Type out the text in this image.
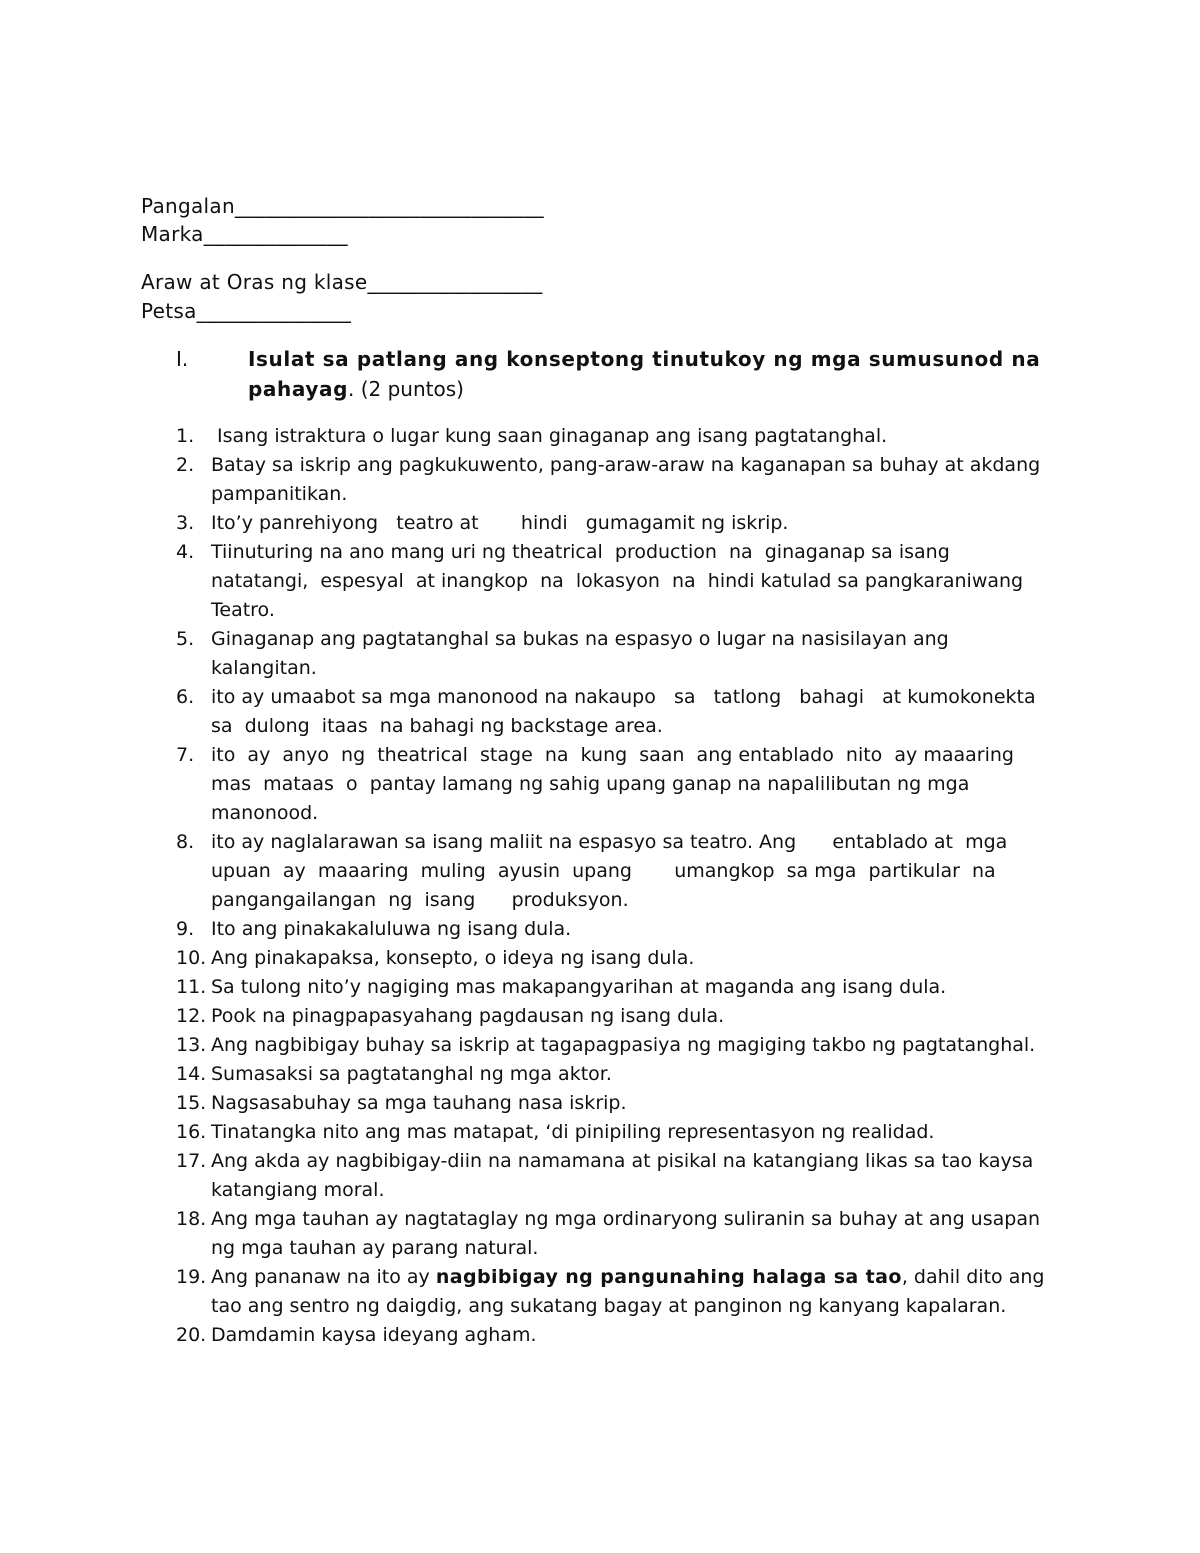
Pangalan______________________________
Marka______________
Araw at Oras ng klase_________________
Petsa_______________
I.	Isulat sa patlang ang konseptong tinutukoy ng mga sumusunod na pahayag. (2 puntos)
1. Isang istraktura o lugar kung saan ginaganap ang isang pagtatanghal.
2. Batay sa iskrip ang pagkukuwento, pang-araw-araw na kaganapan sa buhay at akdang pampanitikan.
3. Ito’y panrehiyong   teatro at       hindi   gumagamit ng iskrip.
4. Tiinuturing na ano mang uri ng theatrical  production  na  ginaganap sa isang  natatangi,  espesyal  at inangkop  na  lokasyon  na  hindi katulad sa pangkaraniwang Teatro.
5. Ginaganap ang pagtatanghal sa bukas na espasyo o lugar na nasisilayan ang kalangitan.
6. ito ay umaabot sa mga manonood na nakaupo   sa   tatlong   bahagi   at kumokonekta  sa  dulong  itaas  na bahagi ng backstage area.
7. ito  ay  anyo  ng  theatrical  stage  na  kung  saan  ang entablado  nito  ay maaaring  mas  mataas  o  pantay lamang ng sahig upang ganap na napalilibutan ng mga manonood.
8. ito ay naglalarawan sa isang maliit na espasyo sa teatro. Ang      entablado at  mga  upuan  ay  maaaring  muling  ayusin  upang       umangkop  sa mga  partikular  na  pangangailangan  ng  isang      produksyon.
9. Ito ang pinakakaluluwa ng isang dula.
10. Ang pinakapaksa, konsepto, o ideya ng isang dula.
11. Sa tulong nito’y nagiging mas makapangyarihan at maganda ang isang dula.
12. Pook na pinagpapasyahang pagdausan ng isang dula.
13. Ang nagbibigay buhay sa iskrip at tagapagpasiya ng magiging takbo ng pagtatanghal.
14. Sumasaksi sa pagtatanghal ng mga aktor.
15. Nagsasabuhay sa mga tauhang nasa iskrip.
16. Tinatangka nito ang mas matapat, ‘di pinipiling representasyon ng realidad.
17. Ang akda ay nagbibigay-diin na namamana at pisikal na katangiang likas sa tao kaysa katangiang moral.
18. Ang mga tauhan ay nagtataglay ng mga ordinaryong suliranin sa buhay at ang usapan ng mga tauhan ay parang natural.
19. Ang pananaw na ito ay nagbibigay ng pangunahing halaga sa tao, dahil dito ang tao ang sentro ng daigdig, ang sukatang bagay at panginon ng kanyang kapalaran.
20. Damdamin kaysa ideyang agham.
